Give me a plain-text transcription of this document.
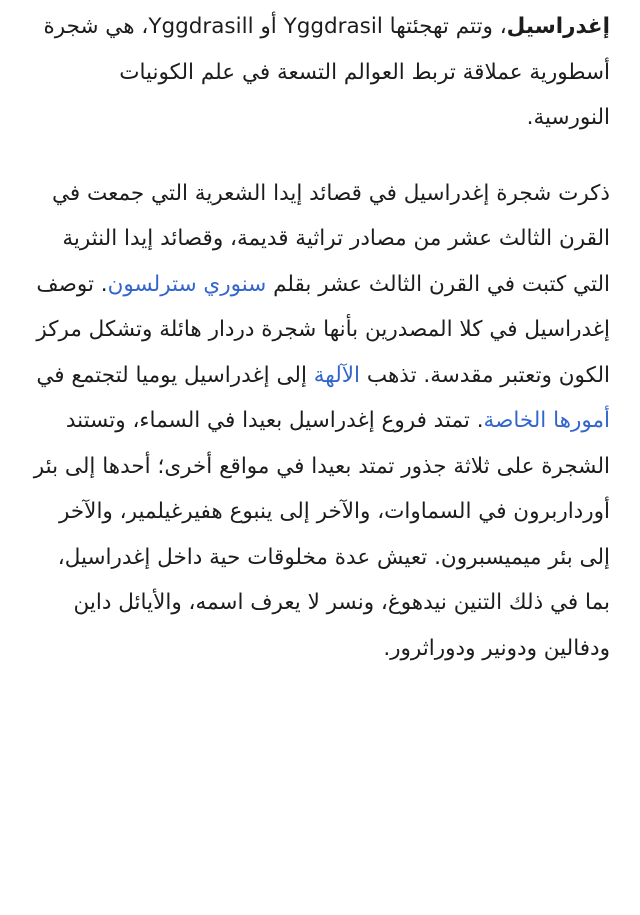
إغدراسيل، وتتم تهجئتها Yggdrasil أو Yggdrasill، هي شجرة أسطورية عملاقة تربط العوالم التسعة في علم الكونيات النورسية.

ذكرت شجرة إغدراسيل في قصائد إيدا الشعرية التي جمعت في القرن الثالث عشر من مصادر تراثية قديمة، وقصائد إيدا النثرية التي كتبت في القرن الثالث عشر بقلم سنوري سترلسون. توصف إغدراسيل في كلا المصدرين بأنها شجرة دردار هائلة وتشكل مركز الكون وتعتبر مقدسة. تذهب الآلهة إلى إغدراسيل يوميا لتجتمع في أمورها الخاصة. تمتد فروع إغدراسيل بعيدا في السماء، وتستند الشجرة على ثلاثة جذور تمتد بعيدا في مواقع أخرى؛ أحدها إلى بئر أورداربرون في السماوات، والآخر إلى ينبوع هفيرغيلمير، والآخر إلى بئر ميميسبرون. تعيش عدة مخلوقات حية داخل إغدراسيل، بما في ذلك التنين نيدهوغ، ونسر لا يعرف اسمه، والأيائل داين ودفالين ودونير ودوراثرور.
